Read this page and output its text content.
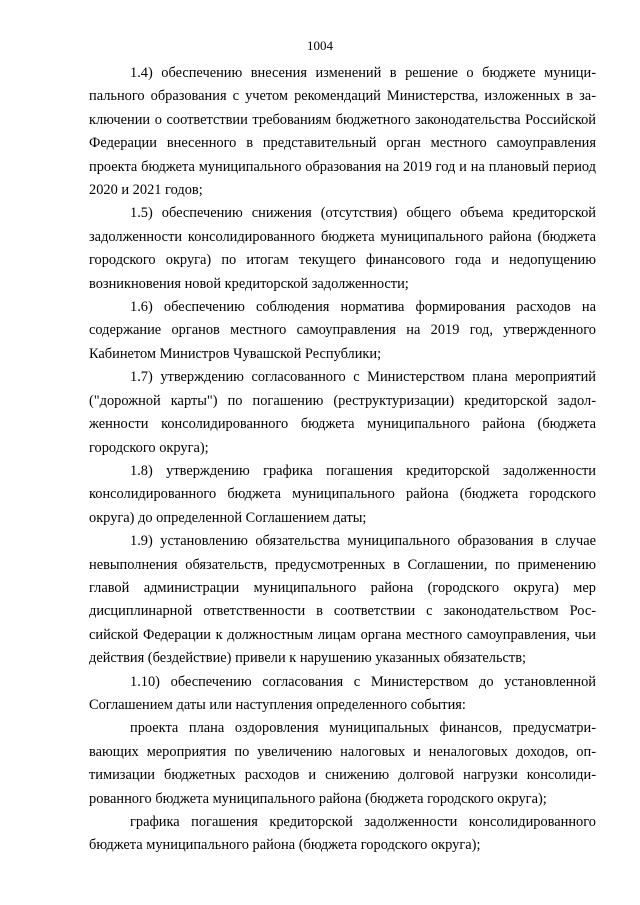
1004

1.4) обеспечению внесения изменений в решение о бюджете муниципального образования с учетом рекомендаций Министерства, изложенных в заключении о соответствии требованиям бюджетного законодательства Российской Федерации внесенного в представительный орган местного самоуправления проекта бюджета муниципального образования на 2019 год и на плановый период 2020 и 2021 годов;

1.5) обеспечению снижения (отсутствия) общего объема кредиторской задолженности консолидированного бюджета муниципального района (бюджета городского округа) по итогам текущего финансового года и недопущению возникновения новой кредиторской задолженности;

1.6) обеспечению соблюдения норматива формирования расходов на содержание органов местного самоуправления на 2019 год, утвержденного Кабинетом Министров Чувашской Республики;

1.7) утверждению согласованного с Министерством плана мероприятий ("дорожной карты") по погашению (реструктуризации) кредиторской задолженности консолидированного бюджета муниципального района (бюджета городского округа);

1.8) утверждению графика погашения кредиторской задолженности консолидированного бюджета муниципального района (бюджета городского округа) до определенной Соглашением даты;

1.9) установлению обязательства муниципального образования в случае невыполнения обязательств, предусмотренных в Соглашении, по применению главой администрации муниципального района (городского округа) мер дисциплинарной ответственности в соответствии с законодательством Российской Федерации к должностным лицам органа местного самоуправления, чьи действия (бездействие) привели к нарушению указанных обязательств;

1.10) обеспечению согласования с Министерством до установленной Соглашением даты или наступления определенного события:

проекта плана оздоровления муниципальных финансов, предусматривающих мероприятия по увеличению налоговых и неналоговых доходов, оптимизации бюджетных расходов и снижению долговой нагрузки консолидированного бюджета муниципального района (бюджета городского округа);

графика погашения кредиторской задолженности консолидированного бюджета муниципального района (бюджета городского округа);
